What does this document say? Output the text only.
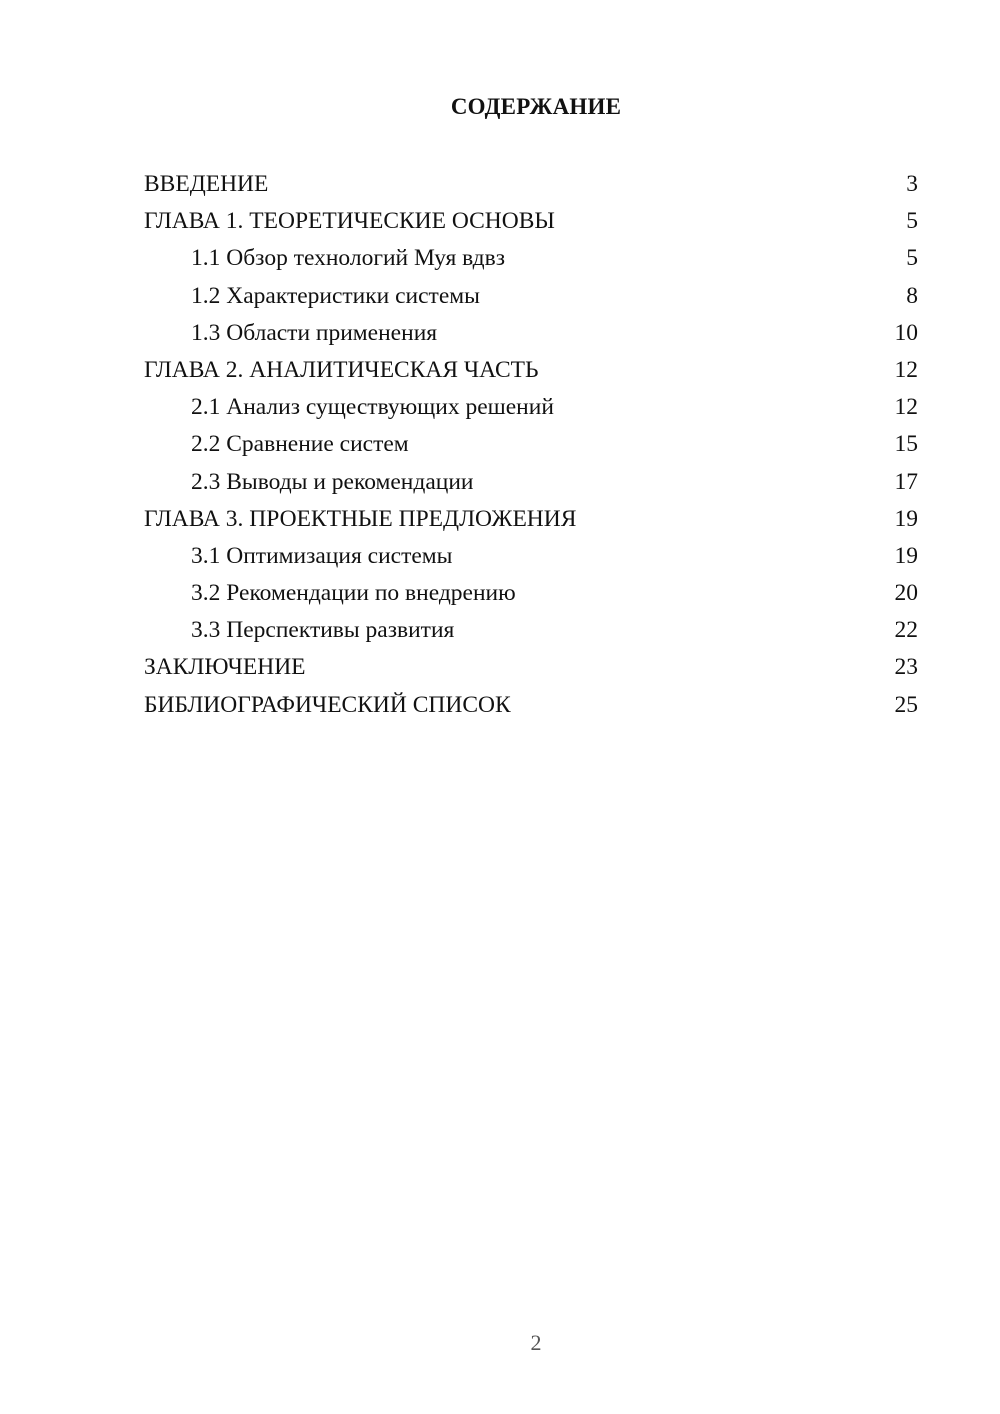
СОДЕРЖАНИЕ
ВВЕДЕНИЕ	3
ГЛАВА 1. ТЕОРЕТИЧЕСКИЕ ОСНОВЫ	5
1.1 Обзор технологий Муя вдвз	5
1.2 Характеристики системы	8
1.3 Области применения	10
ГЛАВА 2. АНАЛИТИЧЕСКАЯ ЧАСТЬ	12
2.1 Анализ существующих решений	12
2.2 Сравнение систем	15
2.3 Выводы и рекомендации	17
ГЛАВА 3. ПРОЕКТНЫЕ ПРЕДЛОЖЕНИЯ	19
3.1 Оптимизация системы	19
3.2 Рекомендации по внедрению	20
3.3 Перспективы развития	22
ЗАКЛЮЧЕНИЕ	23
БИБЛИОГРАФИЧЕСКИЙ СПИСОК	25
2
